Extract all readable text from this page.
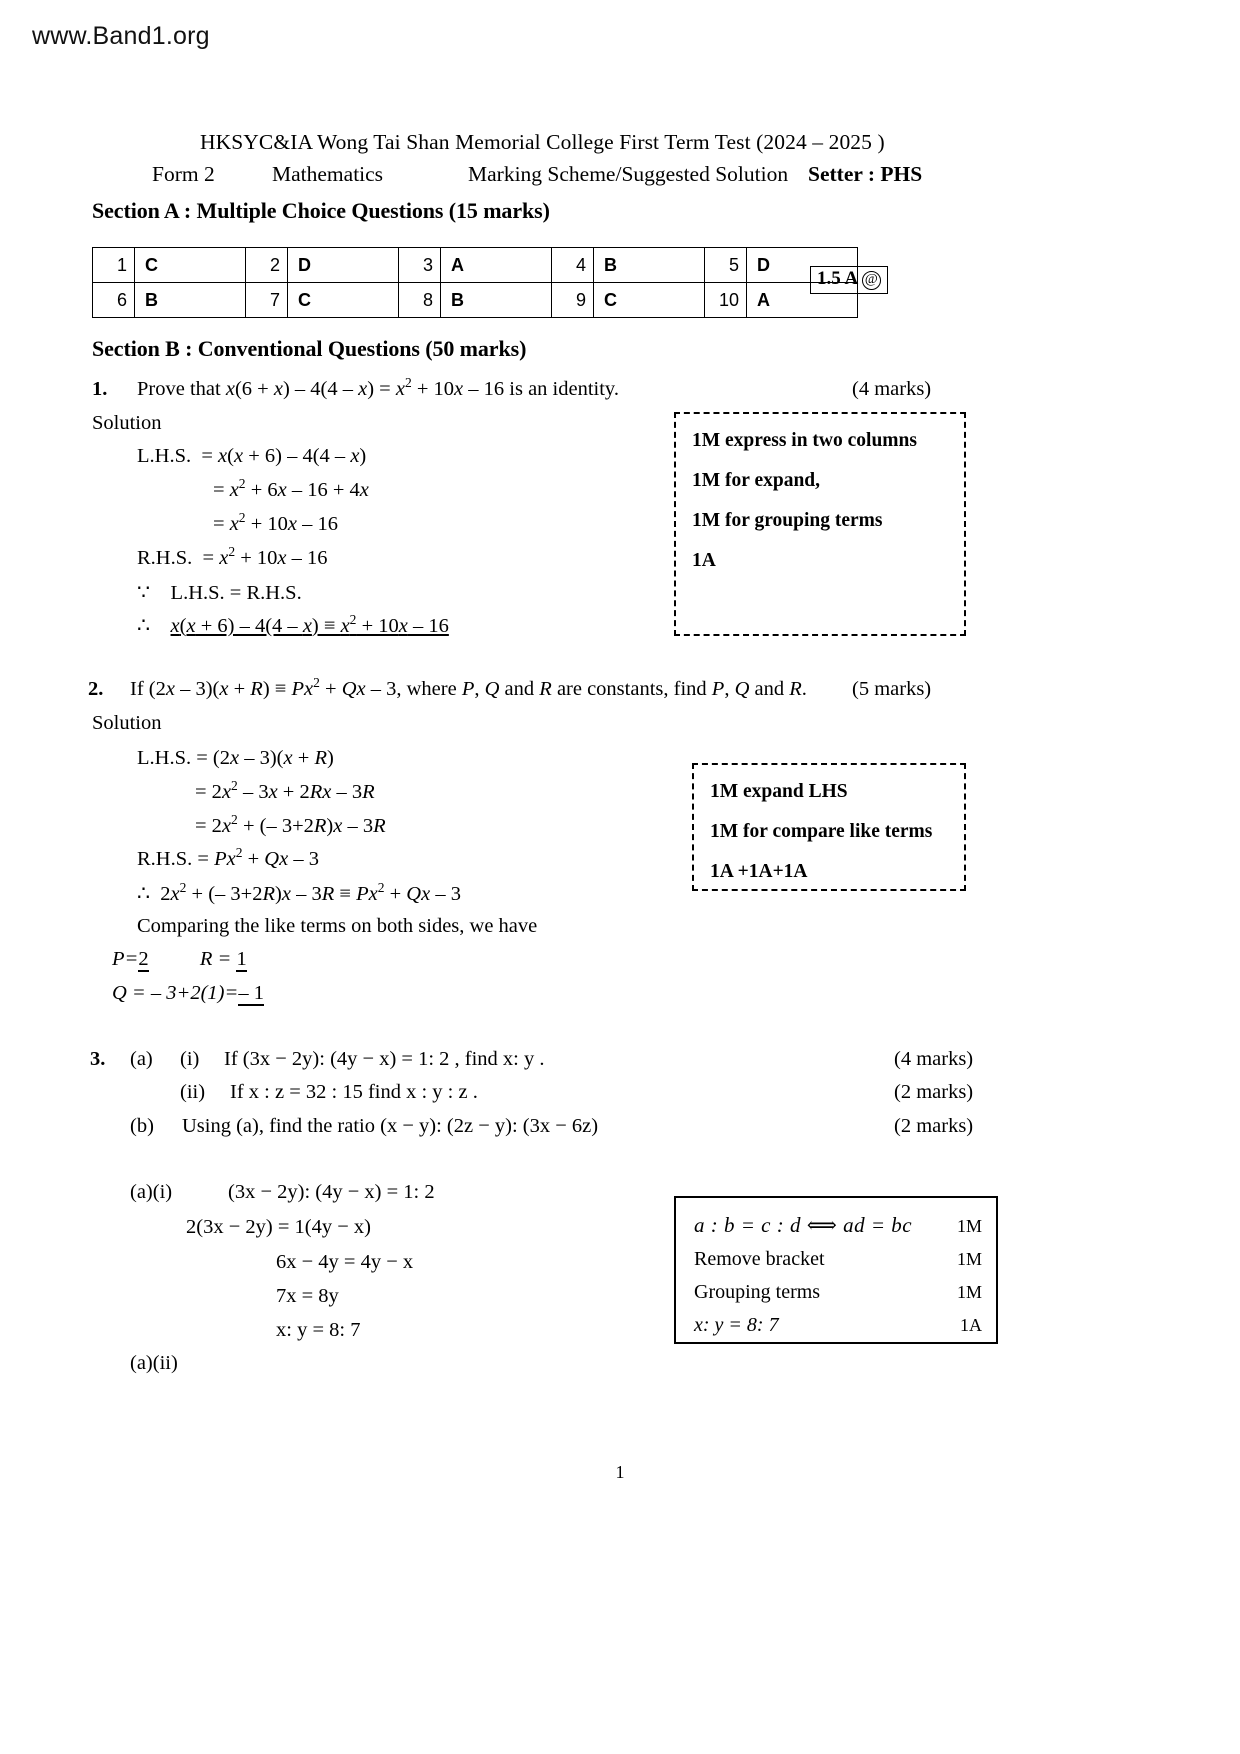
www.Band1.org
HKSYC&IA Wong Tai Shan Memorial College First Term Test (2024 – 2025 )
Form 2	Mathematics	Marking Scheme/Suggested Solution Setter : PHS
Section A : Multiple Choice Questions (15 marks)
1	C	2	D	3	A	4	B	5	D
6	B	7	C	8	B	9	C	10	A
1.5 A @
Section B : Conventional Questions (50 marks)
1. Prove that $x(6 + x) - 4(4 - x) = x^2 + 10x - 16$ is an identity.	(4 marks)
Solution
L.H.S.  = x(x + 6) – 4(4 – x)
= $x^2 + 6x - 16 + 4x$
= $x^2 + 10x - 16$
R.H.S.  = $x^2 + 10x - 16$
∵    L.H.S. = R.H.S.
∴    $x(x + 6) - 4(4 - x) \equiv x^2 + 10x - 16$
1M express in two columns
1M for expand,
1M for grouping terms
1A
2. If $(2x - 3)(x + R) \equiv Px^2 + Qx - 3$, where P, Q and R are constants, find P, Q and R. (5 marks)
Solution
L.H.S. = (2x – 3)(x + R)
= $2x^2 - 3x + 2Rx - 3R$
= $2x^2$ + (– 3+2R)x – 3R
R.H.S. = $Px^2 + Qx - 3$
∴  $2x^2$ + (– $3+2R)x - 3R \equiv Px^2 + Qx - 3$
Comparing the like terms on both sides, we have
P=2	R = 1
Q = – 3+2(1)=– 1
1M expand LHS
1M for compare like terms
1A +1A+1A
3. (a) (i) If (3x − 2y): (4y − x) = 1: 2 , find x: y .	(4 marks)
(ii) If x : z = 32 : 15 find x : y : z .	(2 marks)
(b) Using (a), find the ratio (x − y): (2z − y): (3x − 6z)	(2 marks)
(a)(i)	(3x − 2y): (4y − x) = 1: 2
2(3x − 2y) = 1(4y − x)
6x − 4y = 4y − x
7x = 8y
x: y = 8: 7
(a)(ii)
a : b = c : d ⟺ ad = bc	1M
Remove bracket	1M
Grouping terms	1M
x: y = 8: 7	1A
1
